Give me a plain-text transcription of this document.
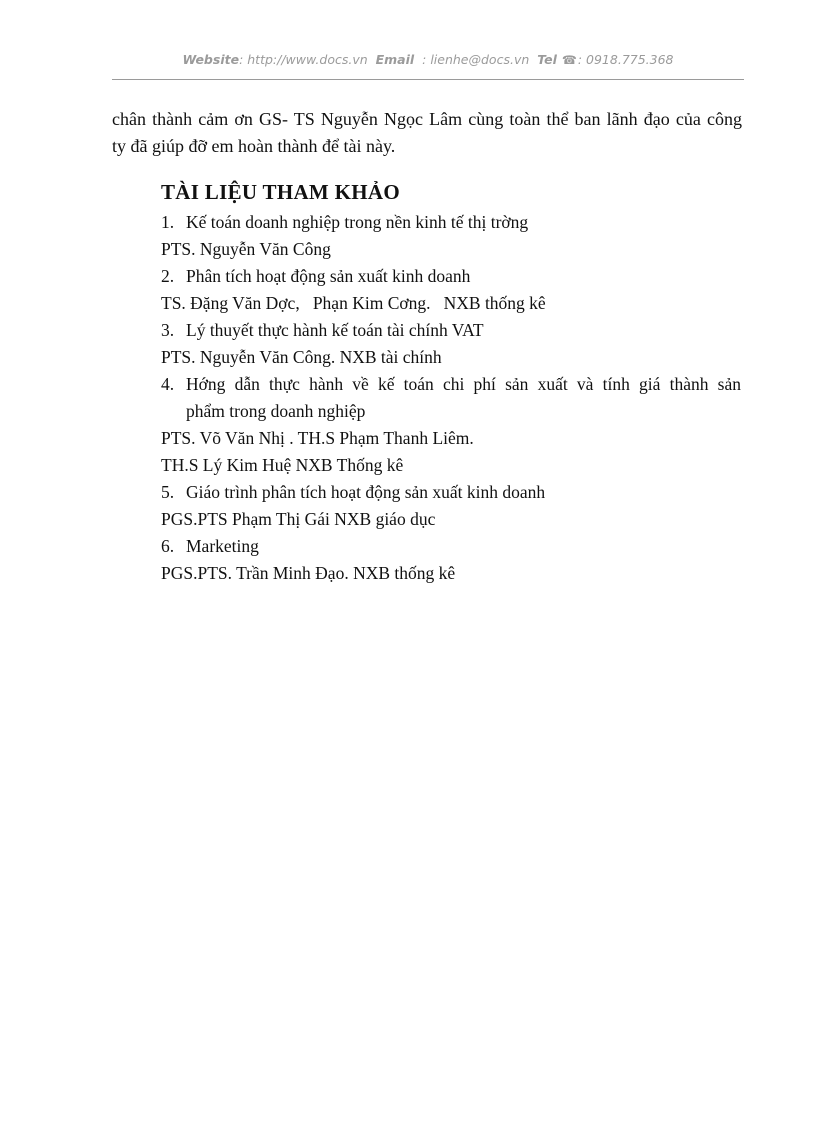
Website: http://www.docs.vn Email  : lienhe@docs.vn Tel ☎: 0918.775.368

chân thành cảm ơn GS- TS Nguyễn Ngọc Lâm cùng toàn thể ban lãnh đạo của công

ty đã giúp đỡ em hoàn thành để tài này.

TÀI LIỆU THAM KHẢO
1. Kế toán doanh nghiệp trong nền kinh tế thị trờng
PTS. Nguyễn Văn Công
2. Phân tích hoạt động sản xuất kinh doanh
TS. Đặng Văn Dợc,   Phạn Kim Cơng.   NXB thống kê
3. Lý thuyết thực hành kế toán tài chính VAT
PTS. Nguyễn Văn Công. NXB tài chính
4. Hớng dẫn thực hành về kế toán chi phí sản xuất và tính giá thành sản
phẩm trong doanh nghiệp
PTS. Võ Văn Nhị . TH.S Phạm Thanh Liêm.
TH.S Lý Kim Huệ NXB Thống kê
5. Giáo trình phân tích hoạt động sản xuất kinh doanh
PGS.PTS Phạm Thị Gái NXB giáo dục
6. Marketing
PGS.PTS. Trần Minh Đạo. NXB thống kê
